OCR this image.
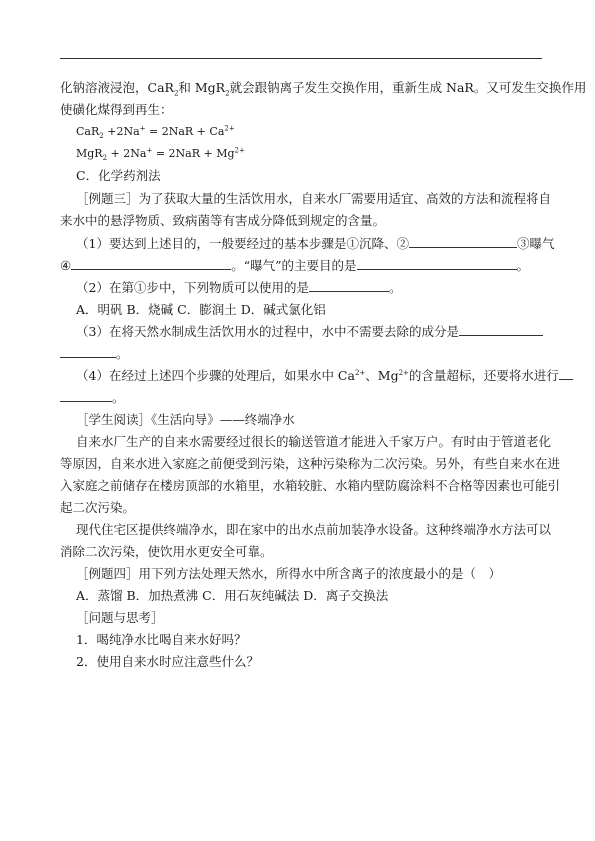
化钠溶液浸泡，CaR$_2$和 MgR$_2$就会跟钠离子发生交换作用，重新生成 NaR。又可发生交换作用
使磺化煤得到再生：
$CaR_2 +2Na^+ = 2NaR + Ca^{2+}$
$MgR_2 + 2Na^+ = 2NaR + Mg^{2+}$
C．化学药剂法
［例题三］为了获取大量的生活饮用水，自来水厂需要用适宜、高效的方法和流程将自
来水中的悬浮物质、致病菌等有害成分降低到规定的含量。
（1）要达到上述目的，一般要经过的基本步骤是①沉降、②	③曝气
④	。“曝气”的主要目的是	。
（2）在第①步中，下列物质可以使用的是	。
A．明矾 B．烧碱 C．膨润土 D．碱式氯化铝
（3）在将天然水制成生活饮用水的过程中，水中不需要去除的成分是
。
（4）在经过上述四个步骤的处理后，如果水中 $Ca^{2+}$、$Mg^{2+}$的含量超标，还要将水进行
。
［学生阅读］《生活向导》——终端净水
自来水厂生产的自来水需要经过很长的输送管道才能进入千家万户。有时由于管道老化
等原因，自来水进入家庭之前便受到污染，这种污染称为二次污染。另外，有些自来水在进
入家庭之前储存在楼房顶部的水箱里，水箱较脏、水箱内壁防腐涂料不合格等因素也可能引
起二次污染。
现代住宅区提供终端净水，即在家中的出水点前加装净水设备。这种终端净水方法可以
消除二次污染，使饮用水更安全可靠。
［例题四］用下列方法处理天然水，所得水中所含离子的浓度最小的是（　）
A．蒸馏 B．加热煮沸 C．用石灰纯碱法 D．离子交换法
［问题与思考］
1．喝纯净水比喝自来水好吗？
2．使用自来水时应注意些什么？
